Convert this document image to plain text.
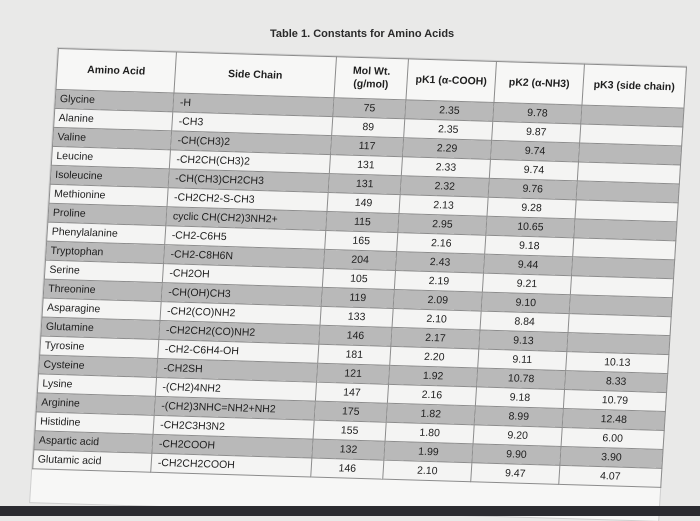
Table 1. Constants for Amino Acids
Amino Acid	Side Chain	Mol Wt. (g/mol)	pK1 (α-COOH)	pK2 (α-NH3)	pK3 (side chain)
Glycine	-H	75	2.35	9.78	
Alanine	-CH3	89	2.35	9.87	
Valine	-CH(CH3)2	117	2.29	9.74	
Leucine	-CH2CH(CH3)2	131	2.33	9.74	
Isoleucine	-CH(CH3)CH2CH3	131	2.32	9.76	
Methionine	-CH2CH2-S-CH3	149	2.13	9.28	
Proline	cyclic CH(CH2)3NH2+	115	2.95	10.65	
Phenylalanine	-CH2-C6H5	165	2.16	9.18	
Tryptophan	-CH2-C8H6N	204	2.43	9.44	
Serine	-CH2OH	105	2.19	9.21	
Threonine	-CH(OH)CH3	119	2.09	9.10	
Asparagine	-CH2(CO)NH2	133	2.10	8.84	
Glutamine	-CH2CH2(CO)NH2	146	2.17	9.13	
Tyrosine	-CH2-C6H4-OH	181	2.20	9.11	10.13
Cysteine	-CH2SH	121	1.92	10.78	8.33
Lysine	-(CH2)4NH2	147	2.16	9.18	10.79
Arginine	-(CH2)3NHC=NH2+NH2	175	1.82	8.99	12.48
Histidine	-CH2C3H3N2	155	1.80	9.20	6.00
Aspartic acid	-CH2COOH	132	1.99	9.90	3.90
Glutamic acid	-CH2CH2COOH	146	2.10	9.47	4.07
